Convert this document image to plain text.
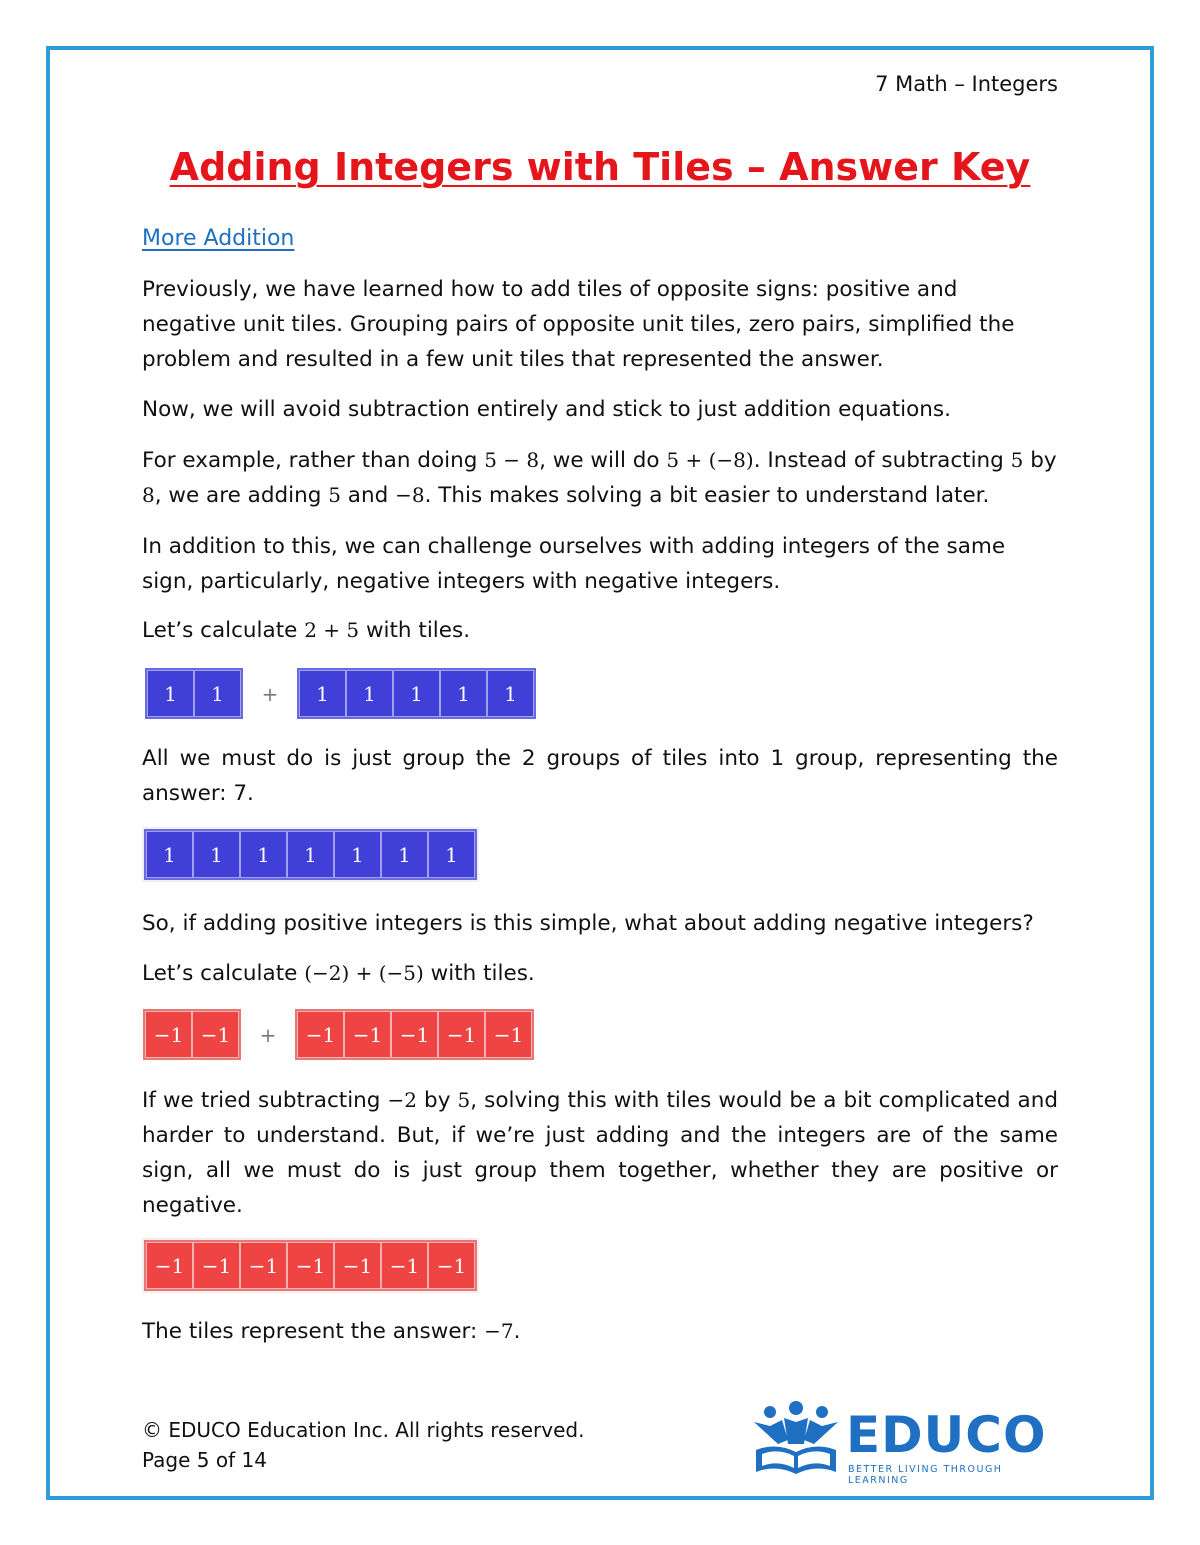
7 Math – Integers
Adding Integers with Tiles – Answer Key
More Addition

Previously, we have learned how to add tiles of opposite signs: positive and negative unit tiles. Grouping pairs of opposite unit tiles, zero pairs, simplified the problem and resulted in a few unit tiles that represented the answer.

Now, we will avoid subtraction entirely and stick to just addition equations.

For example, rather than doing 5 − 8, we will do 5 + (−8). Instead of subtracting 5 by 8, we are adding 5 and −8. This makes solving a bit easier to understand later.

In addition to this, we can challenge ourselves with adding integers of the same sign, particularly, negative integers with negative integers.

Let’s calculate 2 + 5 with tiles.

1	1	+	1	1	1	1	1

All we must do is just group the 2 groups of tiles into 1 group, representing the answer: 7.

1	1	1	1	1	1	1

So, if adding positive integers is this simple, what about adding negative integers?

Let’s calculate (−2) + (−5) with tiles.

−1 −1	+	−1 −1 −1 −1 −1

If we tried subtracting −2 by 5, solving this with tiles would be a bit complicated and harder to understand. But, if we’re just adding and the integers are of the same sign, all we must do is just group them together, whether they are positive or negative.

−1 −1 −1 −1 −1 −1 −1

The tiles represent the answer: −7.

© EDUCO Education Inc. All rights reserved.
Page 5 of 14	EDUCO
BETTER LIVING THROUGH LEARNING
